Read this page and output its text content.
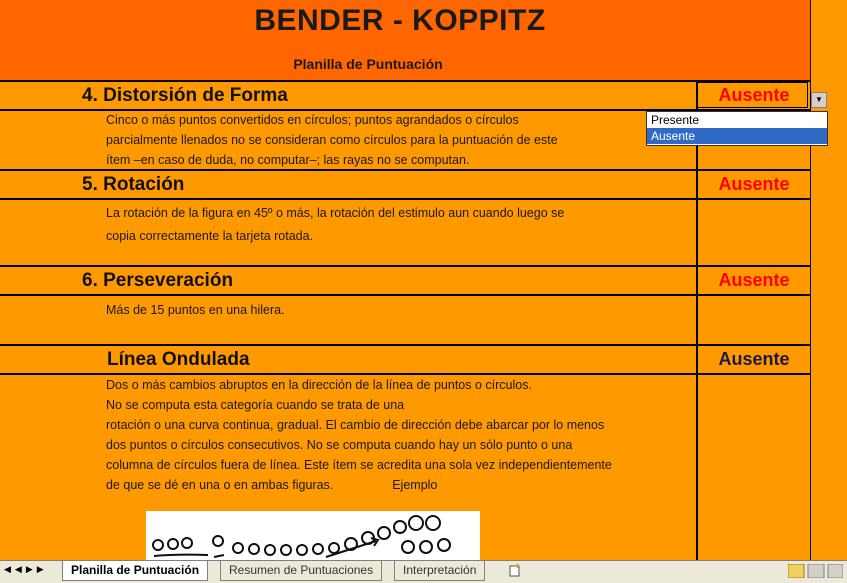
BENDER - KOPPITZ
Planilla de Puntuación
4. Distorsión de Forma	Ausente	▼
Cinco o más puntos convertidos en círculos; puntos agrandados o círculos
parcialmente llenados no se consideran como círculos para la puntuación de este
ítem –en caso de duda, no computar–; las rayas no se computan.
5. Rotación	Ausente
La rotación de la figura en 45º o más, la rotación del estimulo aun cuando luego se
copia correctamente la tarjeta rotada.
6. Perseveración	Ausente
Más de 15 puntos en una hilera.
Línea Ondulada	Ausente
Dos o más cambios abruptos en la dirección de la línea de puntos o círculos.
No se computa esta categoría cuando se trata de una
rotación o una curva continua, gradual. El cambio de dirección debe abarcar por lo menos
dos puntos o círculos consecutivos. No se computa cuando hay un sólo punto o una
columna de círculos fuera de línea. Este ítem se acredita una sola vez independientemente
de que se dé en una o en ambas figuras.	Ejemplo
Presente
Ausente
◀◀▶▶	Planilla de Puntuación	Resumen de Puntuaciones	Interpretación
